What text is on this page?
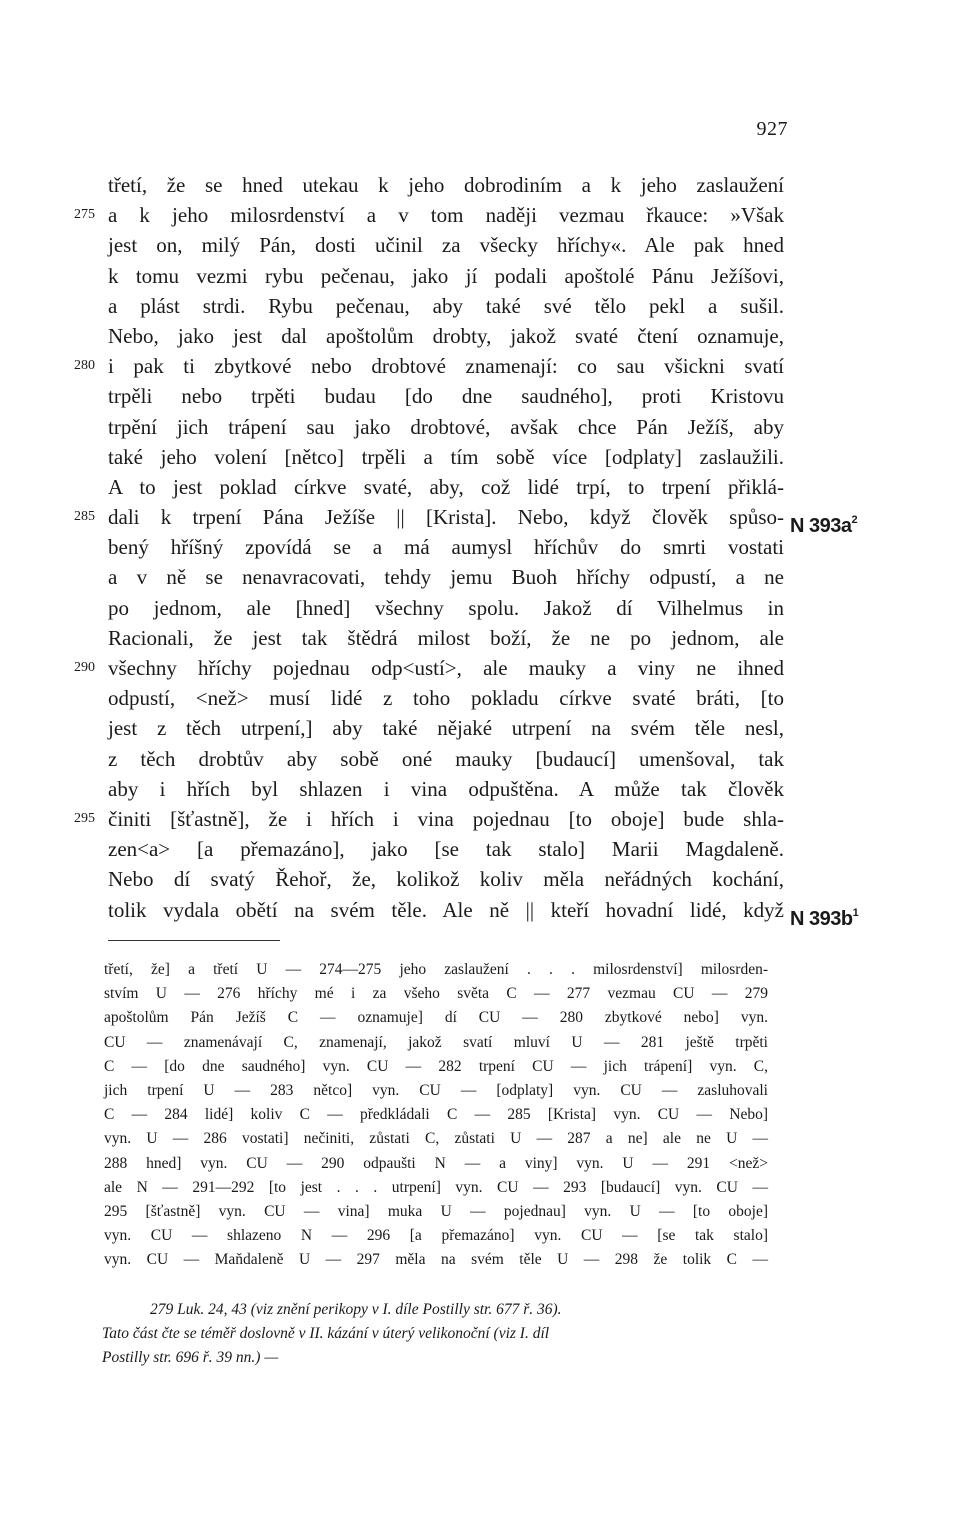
927
třetí, že se hned utekau k jeho dobrodiním a k jeho zaslaužení
275 a k jeho milosrdenství a v tom naději vezmau řkauce: »Však
jest on, milý Pán, dosti učinil za všecky hříchy«. Ale pak hned
k tomu vezmi rybu pečenau, jako jí podali apoštolé Pánu Ježíšovi,
a plást strdi. Rybu pečenau, aby také své tělo pekl a sušil.
Nebo, jako jest dal apoštolům drobty, jakož svaté čtení oznamuje,
280 i pak ti zbytkové nebo drobtové znamenají: co sau všickni svatí
trpěli nebo trpěti budau [do dne saudného], proti Kristovu
trpění jich trápení sau jako drobtové, avšak chce Pán Ježíš, aby
také jeho volení [nětco] trpěli a tím sobě více [odplaty] zaslaužili.
A to jest poklad církve svaté, aby, což lidé trpí, to trpení přiklá-
285 dali k trpení Pána Ježíše || [Krista]. Nebo, když člověk spůso- N $393a^2$
bený hříšný zpovídá se a má aumysl hříchův do smrti vostati
a v ně se nenavracovati, tehdy jemu Buoh hříchy odpustí, a ne
po jednom, ale [hned] všechny spolu. Jakož dí Vilhelmus in
Racionali, že jest tak štědrá milost boží, že ne po jednom, ale
290 všechny hříchy pojednau odp<ustí>, ale mauky a viny ne ihned
odpustí, <než> musí lidé z toho pokladu církve svaté bráti, [to
jest z těch utrpení,] aby také nějaké utrpení na svém těle nesl,
z těch drobtův aby sobě oné mauky [budaucí] umenšoval, tak
aby i hřích byl shlazen i vina odpuštěna. A může tak člověk
295 činiti [šťastně], že i hřích i vina pojednau [to oboje] bude shla-
zen<a> [a přemazáno], jako [se tak stalo] Marii Magdaleně.
Nebo dí svatý Řehoř, že, kolikož koliv měla neřádných kochání,
tolik vydala obětí na svém těle. Ale ně || kteří hovadní lidé, když N $393b^1$
třetí, že] a třetí U — 274—275 jeho zaslaužení . . . milosrdenství] milosrden-
stvím U — 276 hříchy mé i za všeho světa C — 277 vezmau CU — 279
apoštolům Pán Ježíš C — oznamuje] dí CU — 280 zbytkové nebo] vyn.
CU — znamenávají C, znamenají, jakož svatí mluví U — 281 ještě trpěti
C — [do dne saudného] vyn. CU — 282 trpení CU — jich trápení] vyn. C,
jich trpení U — 283 nětco] vyn. CU — [odplaty] vyn. CU — zasluhovali
C — 284 lidé] koliv C — předkládali C — 285 [Krista] vyn. CU — Nebo]
vyn. U — 286 vostati] nečiniti, zůstati C, zůstati U — 287 a ne] ale ne U —
288 hned] vyn. CU — 290 odpaušti N — a viny] vyn. U — 291 <než>
ale N — 291—292 [to jest . . . utrpení] vyn. CU — 293 [budaucí] vyn. CU —
295 [šťastně] vyn. CU — vina] muka U — pojednau] vyn. U — [to oboje]
vyn. CU — shlazeno N — 296 [a přemazáno] vyn. CU — [se tak stalo]
vyn. CU — Maňdaleně U — 297 měla na svém těle U — 298 že tolik C —
279 Luk. 24, 43 (viz znění perikopy v I. díle Postilly str. 677 ř. 36).
Tato část čte se téměř doslovně v II. kázání v úterý velikonoční (viz I. díl
Postilly str. 696 ř. 39 nn.) —
